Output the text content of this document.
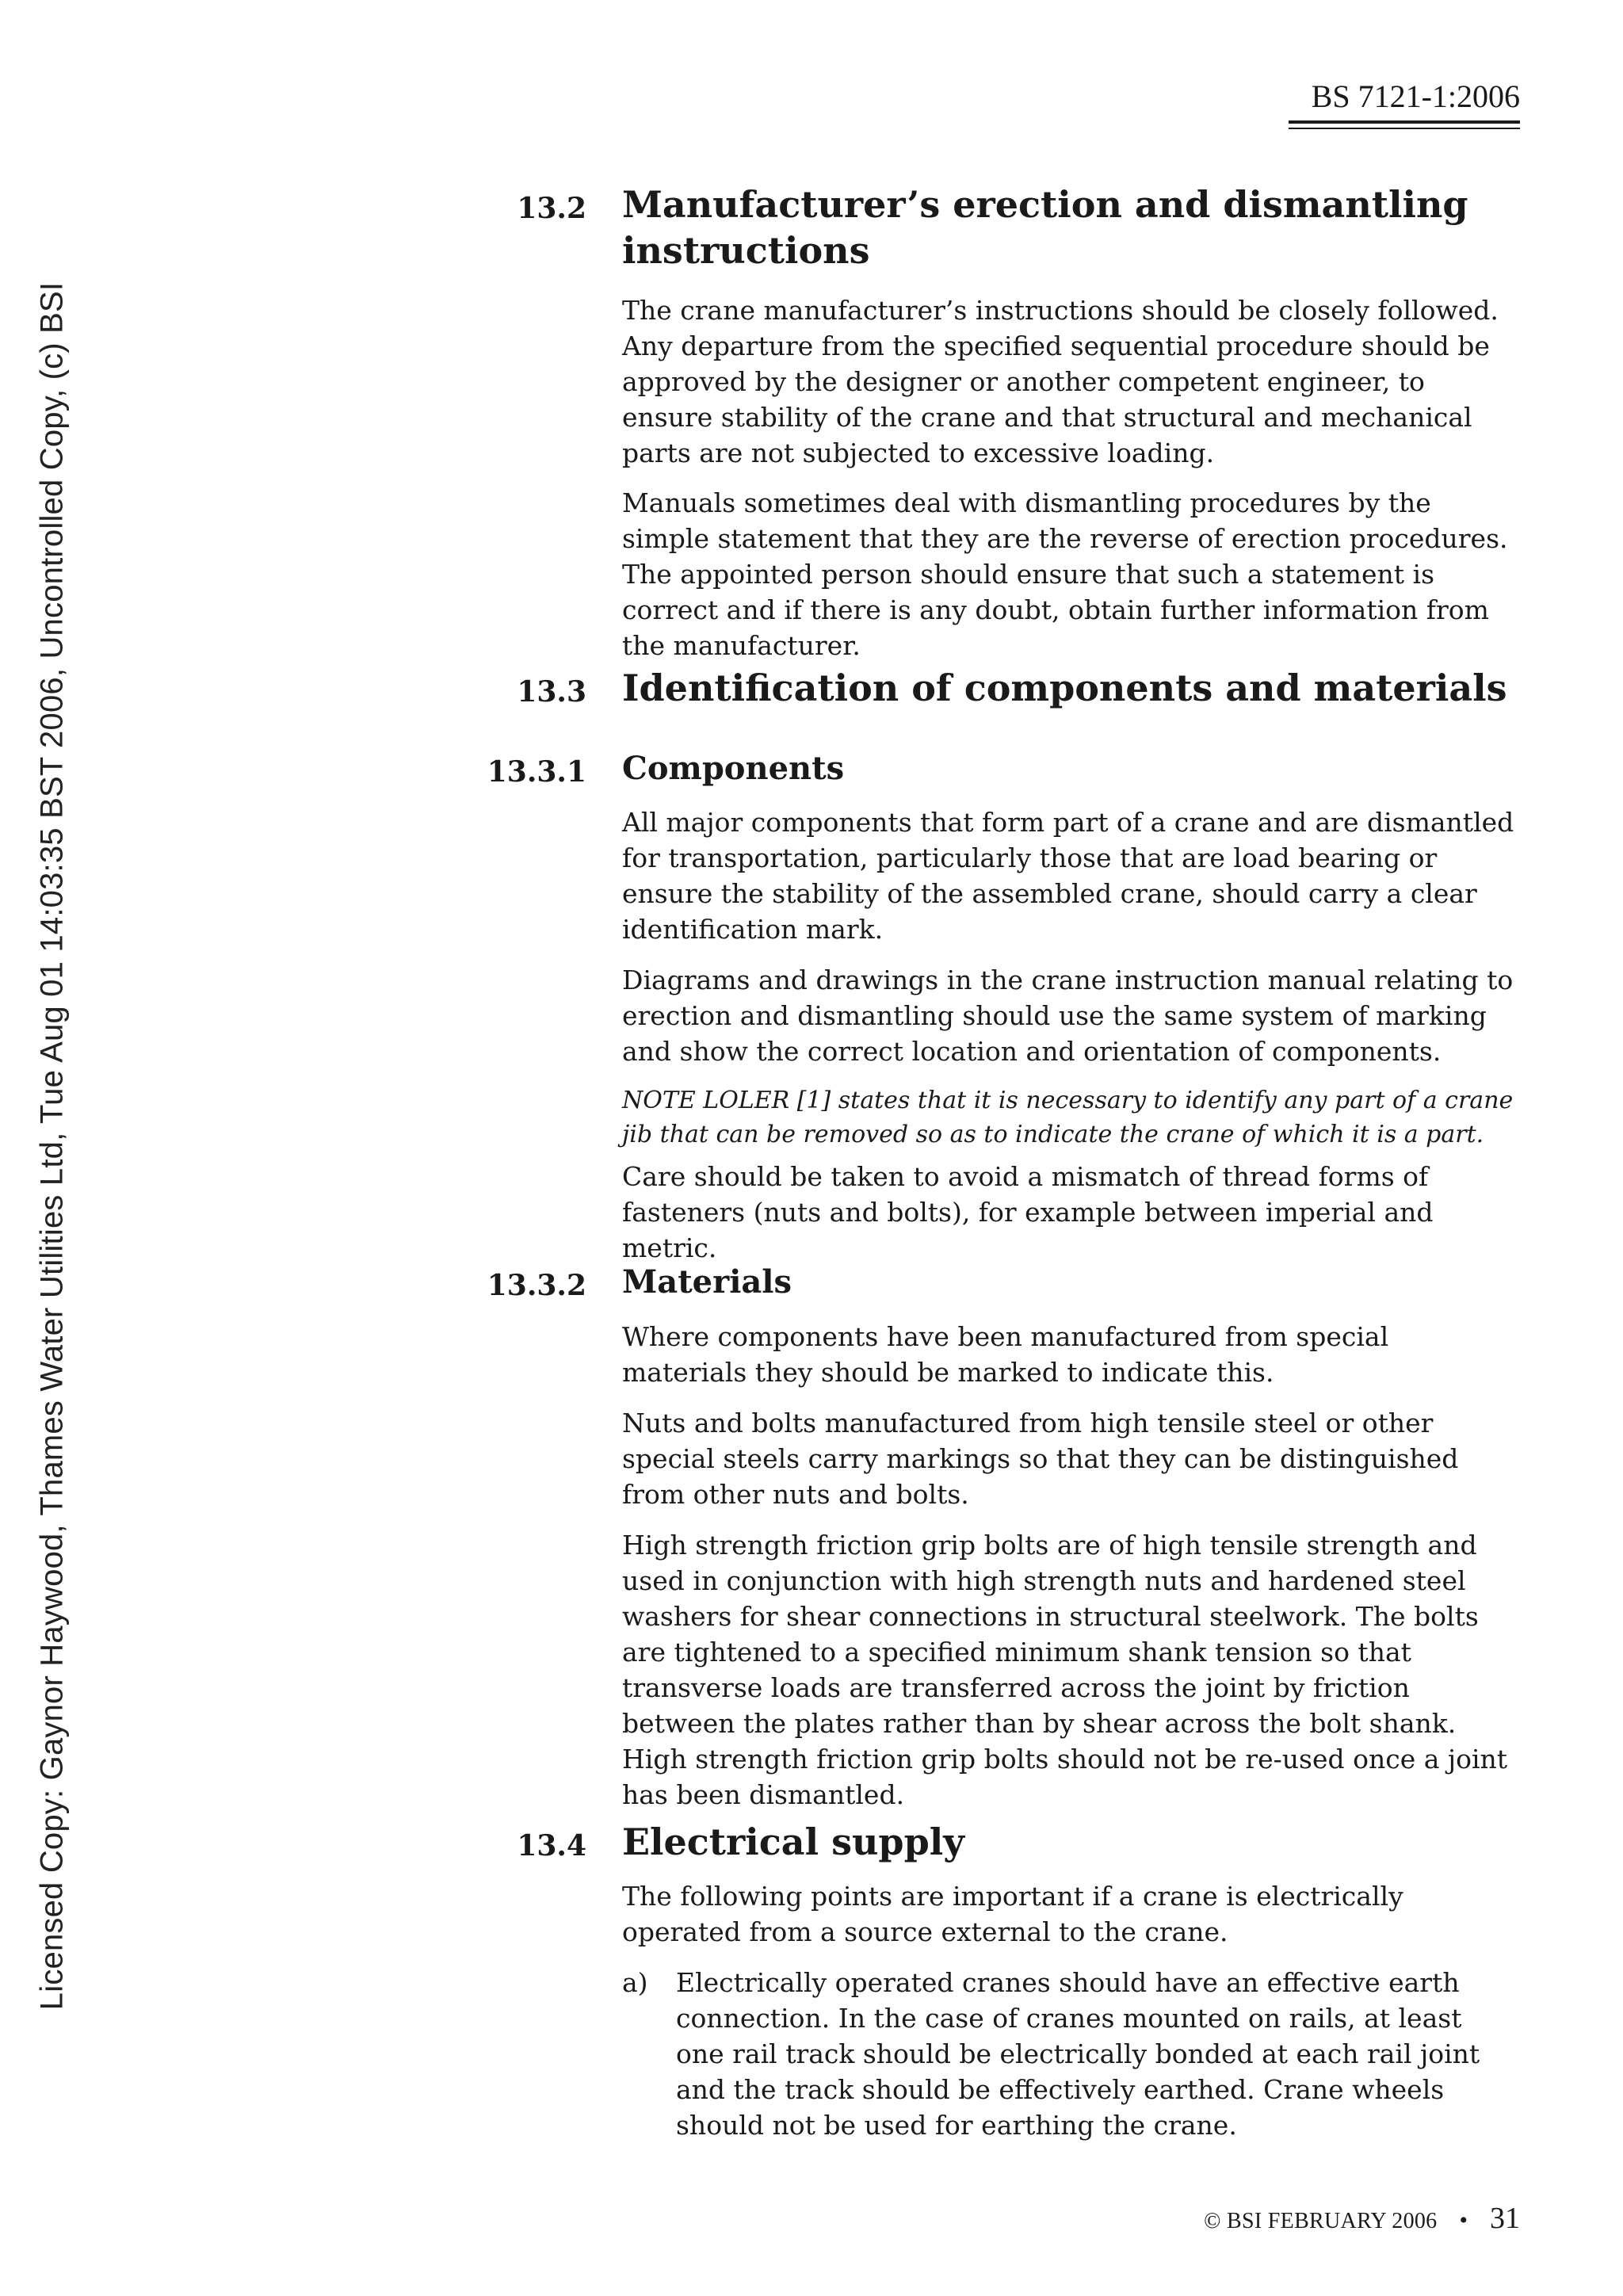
Licensed Copy: Gaynor Haywood, Thames Water Utilities Ltd, Tue Aug 01 14:03:35 BST 2006, Uncontrolled Copy, (c) BSI
BS 7121-1:2006
13.2 Manufacturer’s erection and dismantling instructions

The crane manufacturer’s instructions should be closely followed. Any departure from the specified sequential procedure should be approved by the designer or another competent engineer, to ensure stability of the crane and that structural and mechanical parts are not subjected to excessive loading.

Manuals sometimes deal with dismantling procedures by the simple statement that they are the reverse of erection procedures. The appointed person should ensure that such a statement is correct and if there is any doubt, obtain further information from the manufacturer.

13.3 Identification of components and materials
13.3.1 Components

All major components that form part of a crane and are dismantled for transportation, particularly those that are load bearing or ensure the stability of the assembled crane, should carry a clear identification mark.

Diagrams and drawings in the crane instruction manual relating to erection and dismantling should use the same system of marking and show the correct location and orientation of components.

NOTE LOLER [1] states that it is necessary to identify any part of a crane jib that can be removed so as to indicate the crane of which it is a part.

Care should be taken to avoid a mismatch of thread forms of fasteners (nuts and bolts), for example between imperial and metric.

13.3.2 Materials

Where components have been manufactured from special materials they should be marked to indicate this.

Nuts and bolts manufactured from high tensile steel or other special steels carry markings so that they can be distinguished from other nuts and bolts.

High strength friction grip bolts are of high tensile strength and used in conjunction with high strength nuts and hardened steel washers for shear connections in structural steelwork. The bolts are tightened to a specified minimum shank tension so that transverse loads are transferred across the joint by friction between the plates rather than by shear across the bolt shank. High strength friction grip bolts should not be re-used once a joint has been dismantled.

13.4 Electrical supply

The following points are important if a crane is electrically operated from a source external to the crane.

a) Electrically operated cranes should have an effective earth connection. In the case of cranes mounted on rails, at least one rail track should be electrically bonded at each rail joint and the track should be effectively earthed. Crane wheels should not be used for earthing the crane.

© BSI FEBRUARY 2006 • 31
